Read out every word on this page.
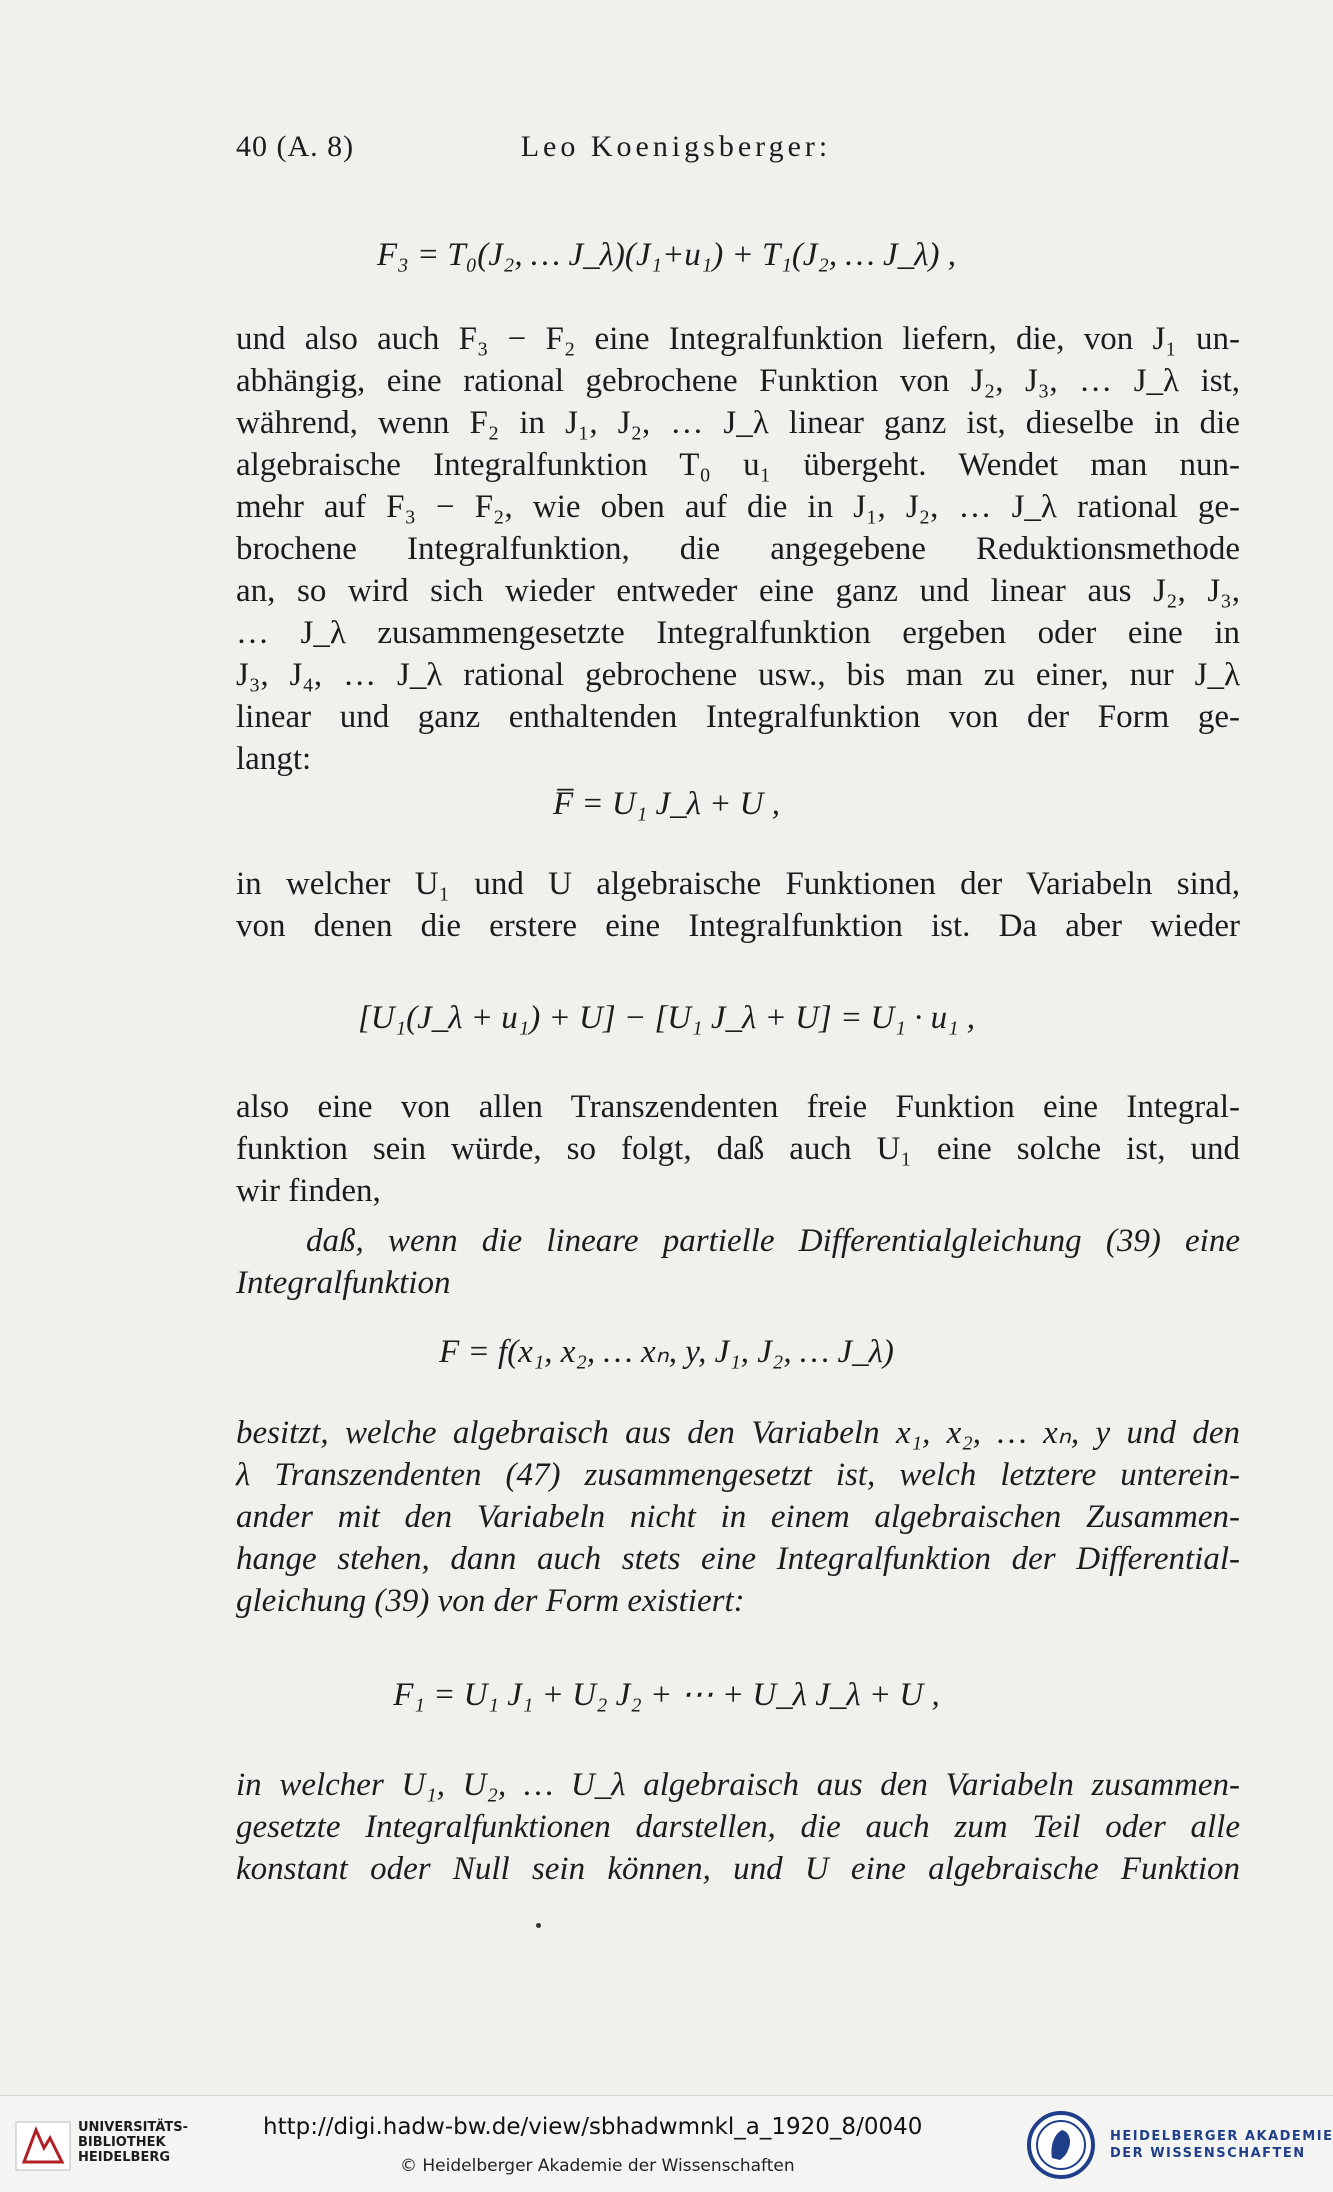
40 (A. 8)	Leo Koenigsberger:
F₃ = T₀(J₂, … J_λ)(J₁+u₁) + T₁(J₂, … J_λ) ,
und also auch F₃ − F₂ eine Integralfunktion liefern, die, von J₁ un-
abhängig, eine rational gebrochene Funktion von J₂, J₃, … J_λ ist,
während, wenn F₂ in J₁, J₂, … J_λ linear ganz ist, dieselbe in die
algebraische Integralfunktion T₀ u₁ übergeht. Wendet man nun-
mehr auf F₃ − F₂, wie oben auf die in J₁, J₂, … J_λ rational ge-
brochene Integralfunktion, die angegebene Reduktionsmethode
an, so wird sich wieder entweder eine ganz und linear aus J₂, J₃,
… J_λ zusammengesetzte Integralfunktion ergeben oder eine in
J₃, J₄, … J_λ rational gebrochene usw., bis man zu einer, nur J_λ
linear und ganz enthaltenden Integralfunktion von der Form ge-
langt:
F̅ = U₁ J_λ + U ,
in welcher U₁ und U algebraische Funktionen der Variabeln sind,
von denen die erstere eine Integralfunktion ist. Da aber wieder
[U₁(J_λ + u₁) + U] − [U₁ J_λ + U] = U₁ · u₁ ,
also eine von allen Transzendenten freie Funktion eine Integral-
funktion sein würde, so folgt, daß auch U₁ eine solche ist, und
wir finden,
daß, wenn die lineare partielle Differentialgleichung (39) eine
Integralfunktion
F = f(x₁, x₂, … xₙ, y, J₁, J₂, … J_λ)
besitzt, welche algebraisch aus den Variabeln x₁, x₂, … xₙ, y und den
λ Transzendenten (47) zusammengesetzt ist, welch letztere unterein-
ander mit den Variabeln nicht in einem algebraischen Zusammen-
hange stehen, dann auch stets eine Integralfunktion der Differential-
gleichung (39) von der Form existiert:
F₁ = U₁ J₁ + U₂ J₂ + ⋯ + U_λ J_λ + U ,
in welcher U₁, U₂, … U_λ algebraisch aus den Variabeln zusammen-
gesetzte Integralfunktionen darstellen, die auch zum Teil oder alle
konstant oder Null sein können, und U eine algebraische Funktion
UNIVERSITÄTS-
BIBLIOTHEK
HEIDELBERG
http://digi.hadw-bw.de/view/sbhadwmnkl_a_1920_8/0040
© Heidelberger Akademie der Wissenschaften
HEIDELBERGER AKADEMIE
DER WISSENSCHAFTEN
